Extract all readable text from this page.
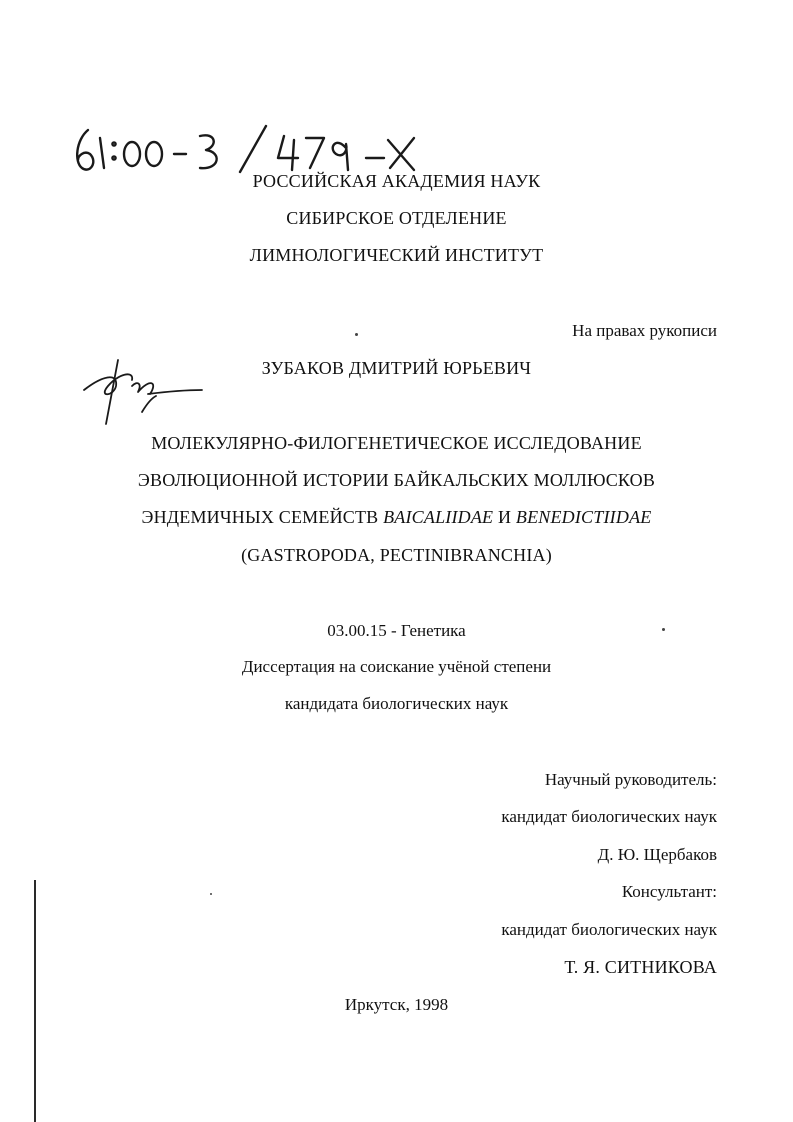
РОССИЙСКАЯ АКАДЕМИЯ НАУК
СИБИРСКОЕ ОТДЕЛЕНИЕ
ЛИМНОЛОГИЧЕСКИЙ ИНСТИТУТ
На правах рукописи
ЗУБАКОВ ДМИТРИЙ ЮРЬЕВИЧ
МОЛЕКУЛЯРНО-ФИЛОГЕНЕТИЧЕСКОЕ ИССЛЕДОВАНИЕ
ЭВОЛЮЦИОННОЙ ИСТОРИИ БАЙКАЛЬСКИХ МОЛЛЮСКОВ
ЭНДЕМИЧНЫХ СЕМЕЙСТВ BAICALIIDAE И BENEDICTIIDAE
(GASTROPODA, PECTINIBRANCHIA)
03.00.15 - Генетика
Диссертация на соискание учёной степени
кандидата биологических наук
Научный руководитель:
кандидат биологических наук
Д. Ю. Щербаков
Консультант:
кандидат биологических наук
Т. Я. СИТНИКОВА
Иркутск, 1998
